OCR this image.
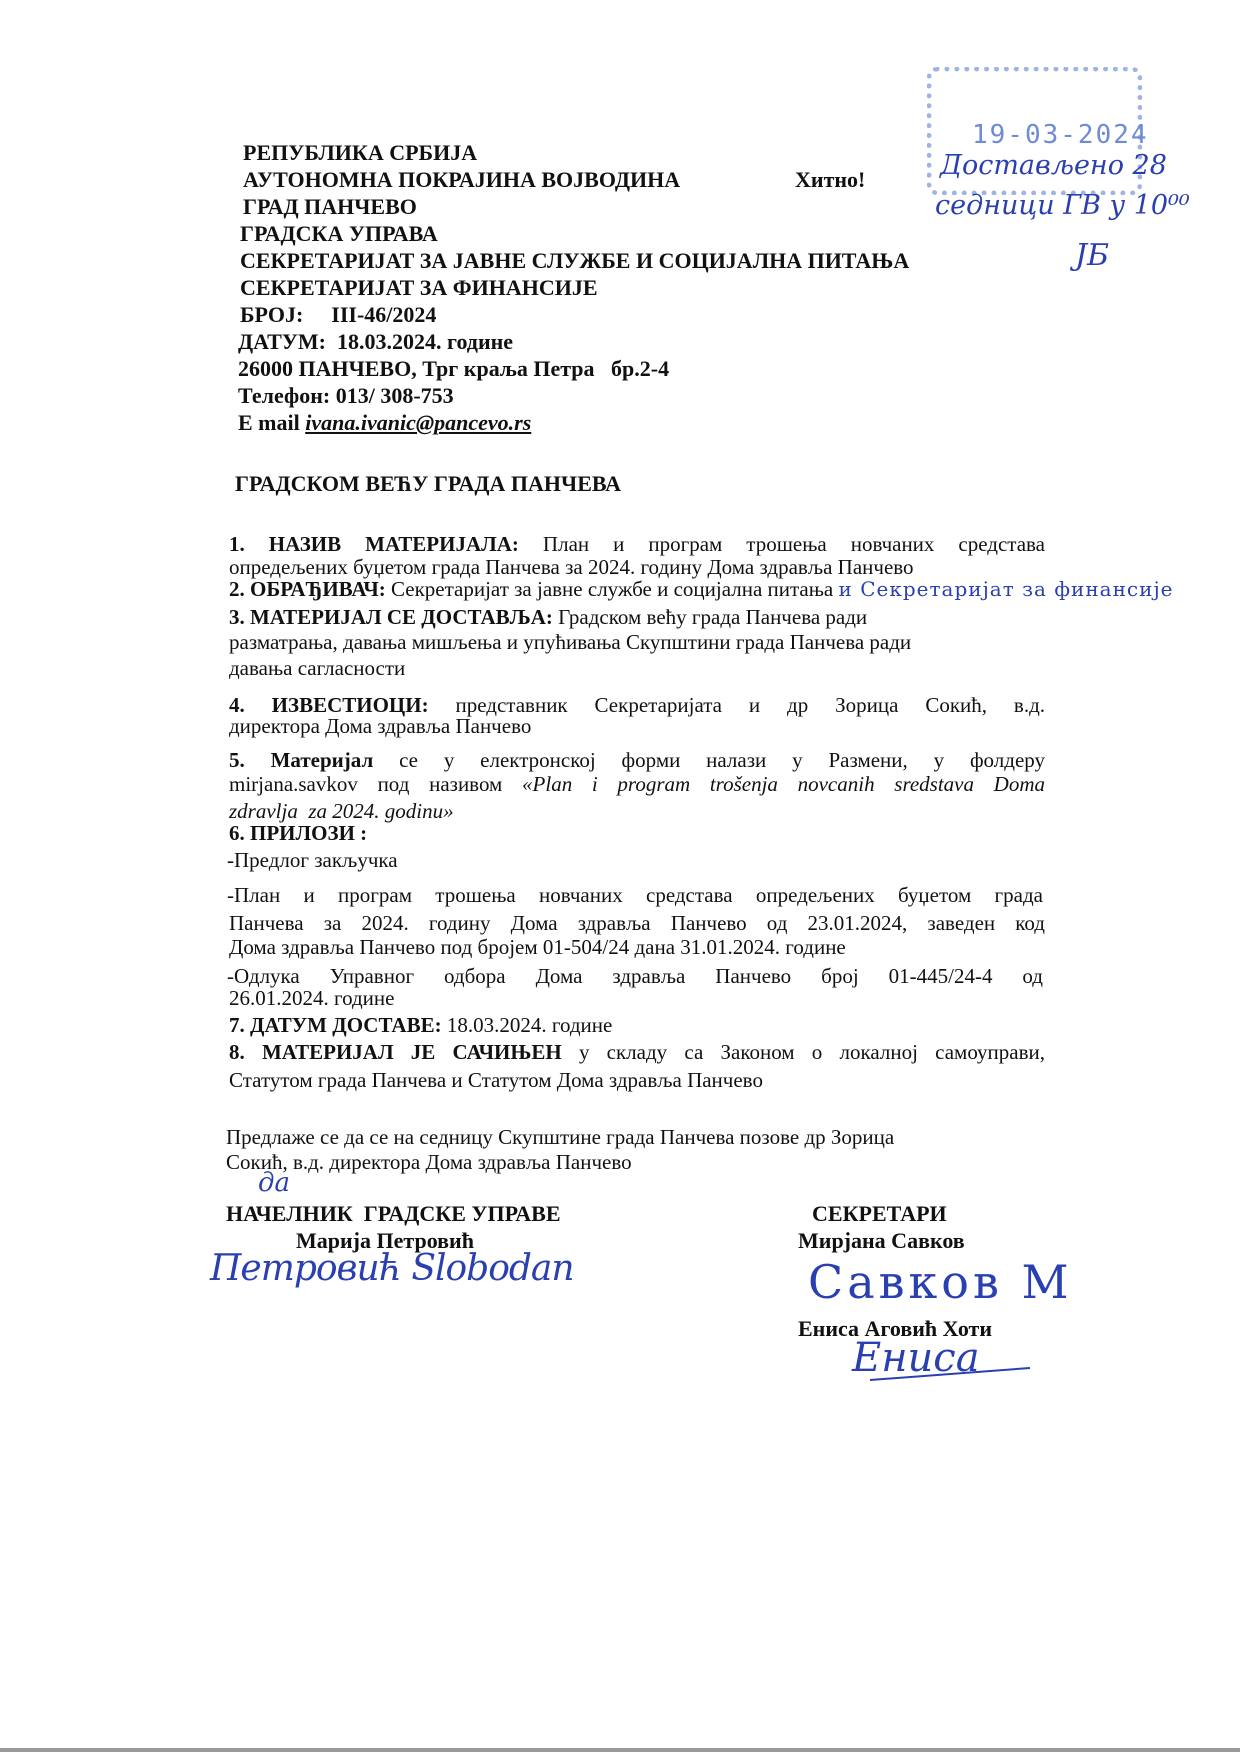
19-03-2024
Достављено 28
седници ГВ у 10⁰⁰
ЈБ
РЕПУБЛИКА СРБИЈА
АУТОНОМНА ПОКРАЈИНА ВОЈВОДИНА	Хитно!
ГРАД ПАНЧЕВО
ГРАДСКА УПРАВА
СЕКРЕТАРИЈАТ ЗА ЈАВНЕ СЛУЖБЕ И СОЦИЈАЛНА ПИТАЊА
СЕКРЕТАРИЈАТ ЗА ФИНАНСИЈЕ
БРОЈ: III-46/2024
ДАТУМ: 18.03.2024. године
26000 ПАНЧЕВО, Трг краља Петра   бр.2-4
Телефон: 013/ 308-753
E mail ivana.ivanic@pancevo.rs
ГРАДСКОМ ВЕЋУ ГРАДА ПАНЧЕВА
1. НАЗИВ МАТЕРИЈАЛА: План и програм трошења новчаних средстава
опредељених буџетом града Панчева за 2024. годину Дома здравља Панчево
2. ОБРАЂИВАЧ: Секретаријат за јавне службе и социјална питања и Секретаријат за финансије
3. МАТЕРИЈАЛ СЕ ДОСТАВЉА: Градском већу града Панчева ради
разматрања, давања мишљења и упућивања Скупштини града Панчева ради
давања сагласности
4. ИЗВЕСТИОЦИ: представник Секретаријата и др Зорица Сокић, в.д.
директора Дома здравља Панчево
5. Материјал се у електронској форми налази у Размени, у фолдеру
mirjana.savkov под називом «Plan i program trošenja novcanih sredstava Doma
zdravlja  za 2024. godinu»
6. ПРИЛОЗИ :
-Предлог закључка
-План и програм трошења новчаних средстава опредељених буџетом града
Панчева за 2024. годину Дома здравља Панчево од 23.01.2024, заведен код
Дома здравља Панчево под бројем 01-504/24 дана 31.01.2024. године
-Одлука Управног одбора Дома здравља Панчево број 01-445/24-4 од
26.01.2024. године
7. ДАТУМ ДОСТАВЕ: 18.03.2024. године
8. МАТЕРИЈАЛ ЈЕ САЧИЊЕН у складу са Законом о локалној самоуправи,
Статутом града Панчева и Статутом Дома здравља Панчево
Предлаже се да се на седницу Скупштине града Панчева позове др Зорица
Сокић, в.д. директора Дома здравља Панчево
да
НАЧЕЛНИК  ГРАДСКЕ УПРАВЕ
Марија Петровић
Петровић Slobodan
СЕКРЕТАРИ
Мирјана Савков
Савков М
Ениса Аговић Хоти
Ениса
